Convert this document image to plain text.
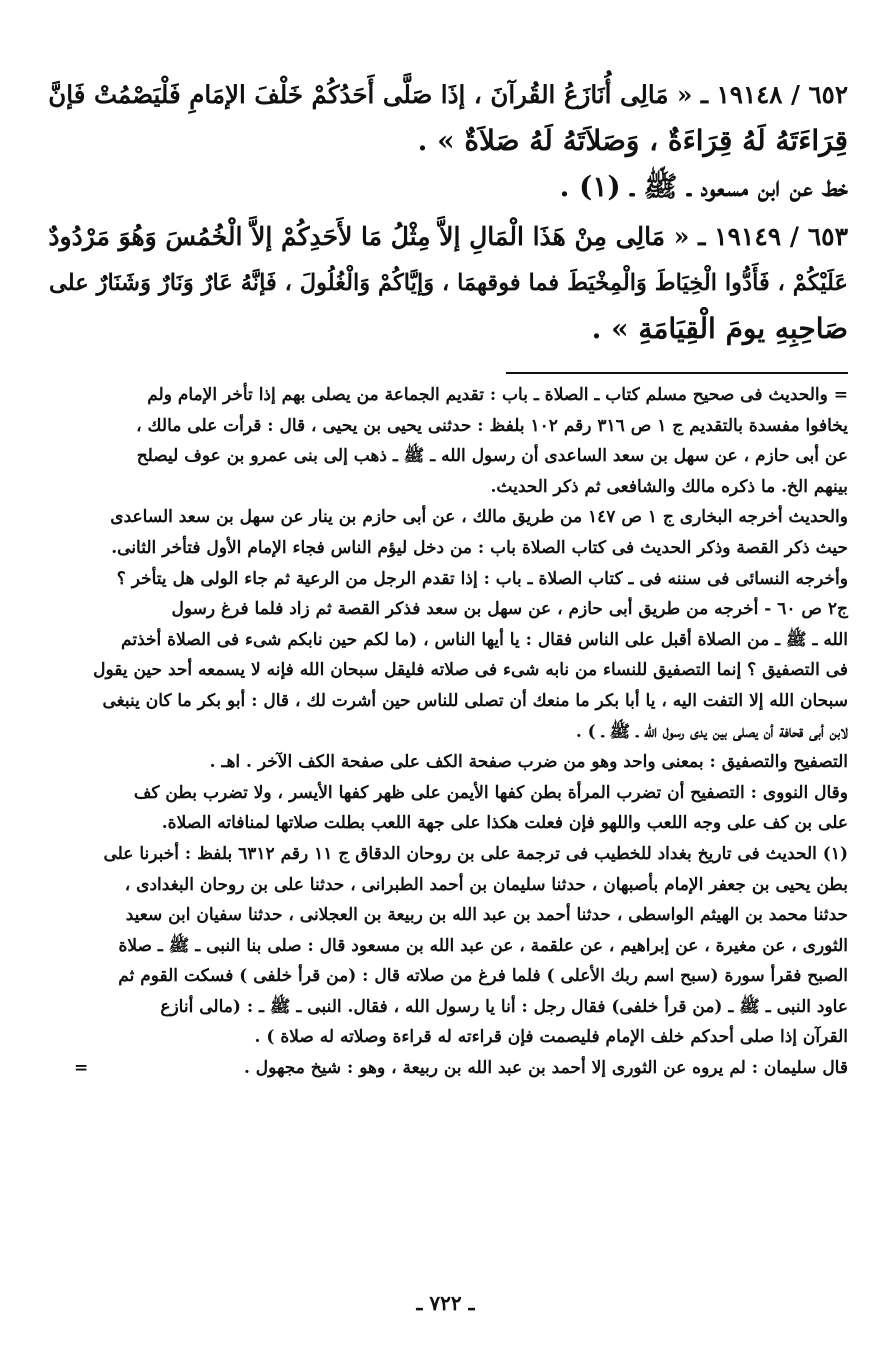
٦٥٢ / ١٩١٤٨ ـ « مَالِى أُنَازَعُ القُرآنَ ، إذَا صَلَّى أَحَدُكُمْ خَلْفَ الإمَامِ فَلْيَصْمُتْ فَإنَّ

قِرَاءَتَهُ لَهُ قِرَاءَةٌ ، وَصَلاَتَهُ لَهُ صَلاَةٌ » .

خط عن ابن مسعود ـ ﷺ ـ (١) .

٦٥٣ / ١٩١٤٩ ـ « مَالِى مِنْ هَذَا الْمَالِ إلاَّ مِثْلُ مَا لأَحَدِكُمْ إلاَّ الْخُمُسَ وَهُوَ مَرْدُودٌ

عَلَيْكُمْ ، فَأَدُّوا الْخِيَاطَ وَالْمِخْيَطَ فما فوقهمَا ، وَإيَّاكُمْ وَالْغُلُولَ ، فَإنَّهُ عَارٌ وَنَارٌ وَشَنَارٌ على

صَاحِبِهِ يومَ الْقِيَامَةِ » .

= والحديث فى صحيح مسلم كتاب ـ الصلاة ـ باب : تقديم الجماعة من يصلى بهم إذا تأخر الإمام ولم

يخافوا مفسدة بالتقديم ج ١ ص ٣١٦ رقم ١٠٢ بلفظ : حدثنى يحيى بن يحيى ، قال : قرأت على مالك ،

عن أبى حازم ، عن سهل بن سعد الساعدى أن رسول الله ـ ﷺ ـ ذهب إلى بنى عمرو بن عوف ليصلح

بينهم الخ. ما ذكره مالك والشافعى ثم ذكر الحديث.

والحديث أخرجه البخارى ج ١ ص ١٤٧ من طريق مالك ، عن أبى حازم بن ينار عن سهل بن سعد الساعدى

حيث ذكر القصة وذكر الحديث فى كتاب الصلاة باب : من دخل ليؤم الناس فجاء الإمام الأول فتأخر الثانى.

وأخرجه النسائى فى سننه فى ـ كتاب الصلاة ـ باب : إذا تقدم الرجل من الرعية ثم جاء الولى هل يتأخر ؟

ج٢ ص ٦٠ - أخرجه من طريق أبى حازم ، عن سهل بن سعد فذكر القصة ثم زاد فلما فرغ رسول

الله ـ ﷺ ـ من الصلاة أقبل على الناس فقال : يا أيها الناس ، (ما لكم حين نابكم شىء فى الصلاة أخذتم

فى التصفيق ؟ إنما التصفيق للنساء من نابه شىء فى صلاته فليقل سبحان الله فإنه لا يسمعه أحد حين يقول

سبحان الله إلا التفت اليه ، يا أبا بكر ما منعك أن تصلى للناس حين أشرت لك ، قال : أبو بكر ما كان ينبغى

لابن أبى قحافة أن يصلى بين يدى رسول الله ـ ﷺ ـ ) .

التصفيح والتصفيق : بمعنى واحد وهو من ضرب صفحة الكف على صفحة الكف الآخر . اهـ .

وقال النووى : التصفيح أن تضرب المرأة بطن كفها الأيمن على ظهر كفها الأيسر ، ولا تضرب بطن كف

على بن كف على وجه اللعب واللهو فإن فعلت هكذا على جهة اللعب بطلت صلاتها لمنافاته الصلاة.

(١) الحديث فى تاريخ بغداد للخطيب فى ترجمة على بن روحان الدقاق ج ١١ رقم ٦٣١٢ بلفظ : أخبرنا على

بطن يحيى بن جعفر الإمام بأصبهان ، حدثنا سليمان بن أحمد الطبرانى ، حدثنا على بن روحان البغدادى ،

حدثنا محمد بن الهيثم الواسطى ، حدثنا أحمد بن عبد الله بن ربيعة بن العجلانى ، حدثنا سفيان ابن سعيد

الثورى ، عن مغيرة ، عن إبراهيم ، عن علقمة ، عن عبد الله بن مسعود قال : صلى بنا النبى ـ ﷺ ـ صلاة

الصبح فقرأ سورة (سبح اسم ربك الأعلى ) فلما فرغ من صلاته قال : (من قرأ خلفى ) فسكت القوم ثم

عاود النبى ـ ﷺ ـ (من قرأ خلفى) فقال رجل : أنا يا رسول الله ، فقال. النبى ـ ﷺ ـ : (مالى أنازع

القرآن إذا صلى أحدكم خلف الإمام فليصمت فإن قراءته له قراءة وصلاته له صلاة ) .

قال سليمان : لم يروه عن الثورى إلا أحمد بن عبد الله بن ربيعة ، وهو : شيخ مجهول .
=

ـ ٧٢٢ ـ
